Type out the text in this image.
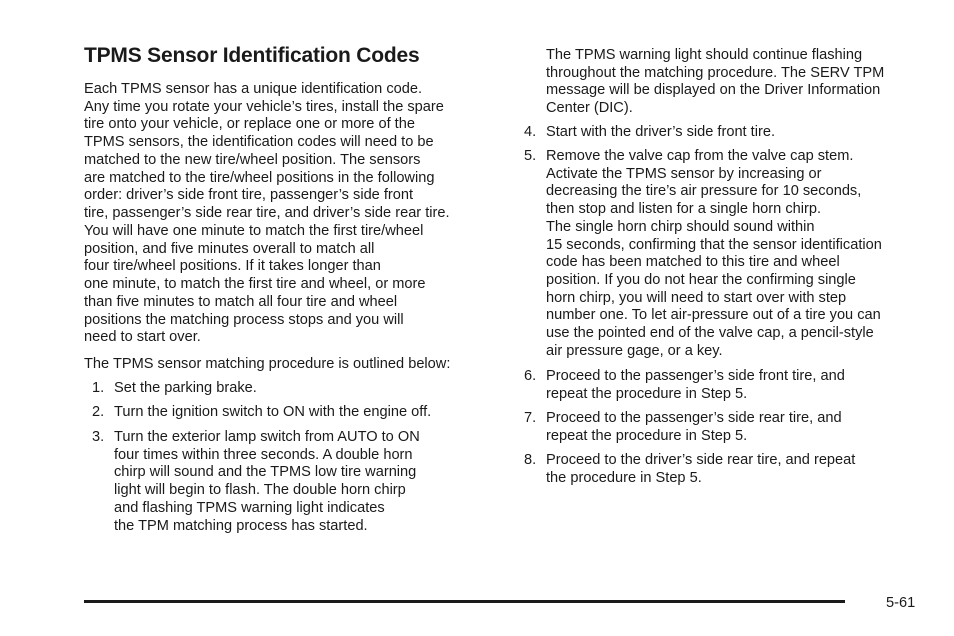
TPMS Sensor Identification Codes
Each TPMS sensor has a unique identification code.
Any time you rotate your vehicle’s tires, install the spare
tire onto your vehicle, or replace one or more of the
TPMS sensors, the identification codes will need to be
matched to the new tire/wheel position. The sensors
are matched to the tire/wheel positions in the following
order: driver’s side front tire, passenger’s side front
tire, passenger’s side rear tire, and driver’s side rear tire.
You will have one minute to match the first tire/wheel
position, and five minutes overall to match all
four tire/wheel positions. If it takes longer than
one minute, to match the first tire and wheel, or more
than five minutes to match all four tire and wheel
positions the matching process stops and you will
need to start over.
The TPMS sensor matching procedure is outlined below:
1. Set the parking brake.
2. Turn the ignition switch to ON with the engine off.
3. Turn the exterior lamp switch from AUTO to ON
four times within three seconds. A double horn
chirp will sound and the TPMS low tire warning
light will begin to flash. The double horn chirp
and flashing TPMS warning light indicates
the TPM matching process has started.
The TPMS warning light should continue flashing
throughout the matching procedure. The SERV TPM
message will be displayed on the Driver Information
Center (DIC).
4. Start with the driver’s side front tire.
5. Remove the valve cap from the valve cap stem.
Activate the TPMS sensor by increasing or
decreasing the tire’s air pressure for 10 seconds,
then stop and listen for a single horn chirp.
The single horn chirp should sound within
15 seconds, confirming that the sensor identification
code has been matched to this tire and wheel
position. If you do not hear the confirming single
horn chirp, you will need to start over with step
number one. To let air-pressure out of a tire you can
use the pointed end of the valve cap, a pencil-style
air pressure gage, or a key.
6. Proceed to the passenger’s side front tire, and
repeat the procedure in Step 5.
7. Proceed to the passenger’s side rear tire, and
repeat the procedure in Step 5.
8. Proceed to the driver’s side rear tire, and repeat
the procedure in Step 5.
5-61
